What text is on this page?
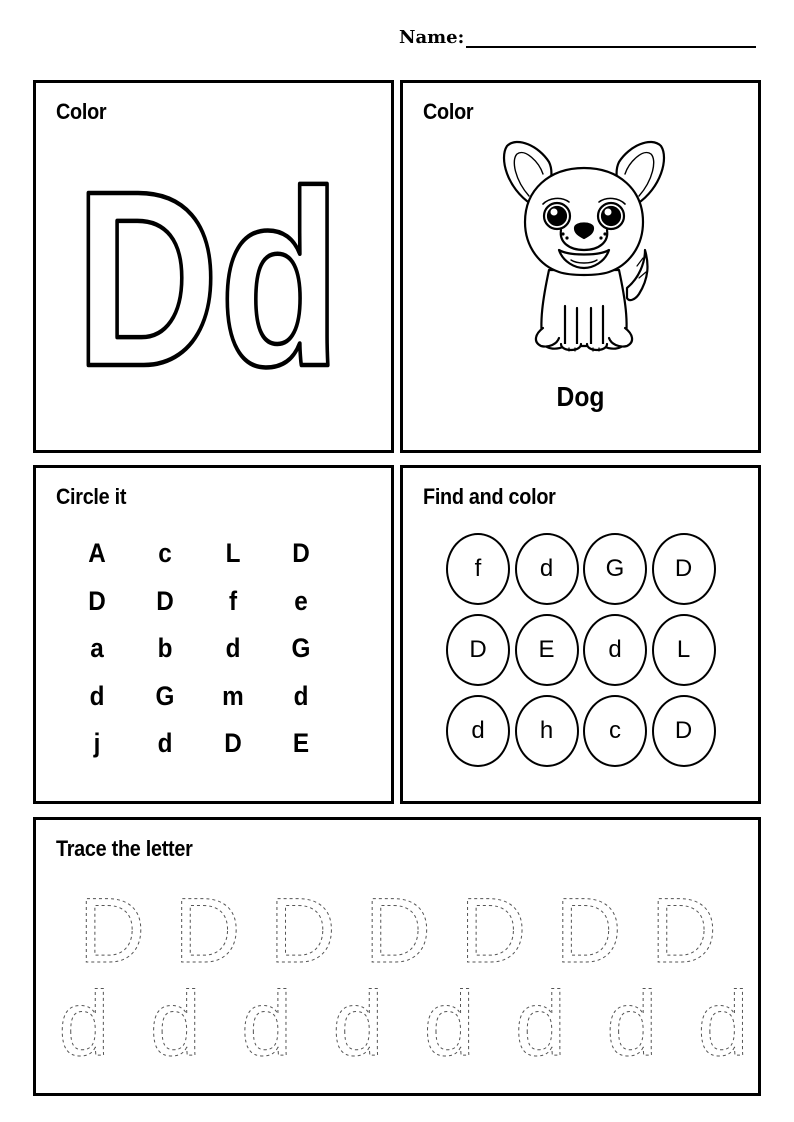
Name:
Color
Dd
Color
Dog
Circle it
A	c	L	D
D	D	f	e
a	b	d	G
d	G	m	d
j	d	D	E
Find and color
f	d	G	D
D	E	d	L
d	h	c	D
Trace the letter
D D D D D D D
d d d d d d d d
